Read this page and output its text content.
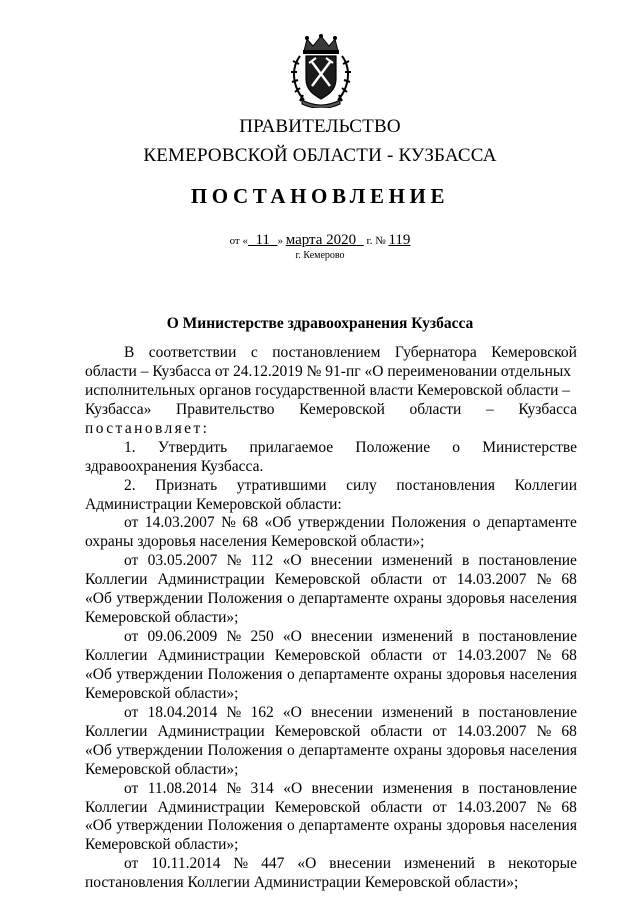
ПРАВИТЕЛЬСТВО
КЕМЕРОВСКОЙ ОБЛАСТИ - КУЗБАССА
ПОСТАНОВЛЕНИЕ
от « 11 » марта 2020 г. № 119
г. Кемерово
О Министерстве здравоохранения Кузбасса
В соответствии с постановлением Губернатора Кемеровской
области – Кузбасса от 24.12.2019 № 91-пг «О переименовании отдельных
исполнительных органов государственной власти Кемеровской области –
Кузбасса» Правительство Кемеровской области – Кузбасса
постановляет:
1. Утвердить прилагаемое Положение о Министерстве
здравоохранения Кузбасса.
2. Признать утратившими силу постановления Коллегии
Администрации Кемеровской области:
от 14.03.2007 № 68 «Об утверждении Положения о департаменте
охраны здоровья населения Кемеровской области»;
от 03.05.2007 № 112 «О внесении изменений в постановление
Коллегии Администрации Кемеровской области от 14.03.2007 № 68
«Об утверждении Положения о департаменте охраны здоровья населения
Кемеровской области»;
от 09.06.2009 № 250 «О внесении изменений в постановление
Коллегии Администрации Кемеровской области от 14.03.2007 № 68
«Об утверждении Положения о департаменте охраны здоровья населения
Кемеровской области»;
от 18.04.2014 № 162 «О внесении изменений в постановление
Коллегии Администрации Кемеровской области от 14.03.2007 № 68
«Об утверждении Положения о департаменте охраны здоровья населения
Кемеровской области»;
от 11.08.2014 № 314 «О внесении изменения в постановление
Коллегии Администрации Кемеровской области от 14.03.2007 № 68
«Об утверждении Положения о департаменте охраны здоровья населения
Кемеровской области»;
от 10.11.2014 № 447 «О внесении изменений в некоторые
постановления Коллегии Администрации Кемеровской области»;
